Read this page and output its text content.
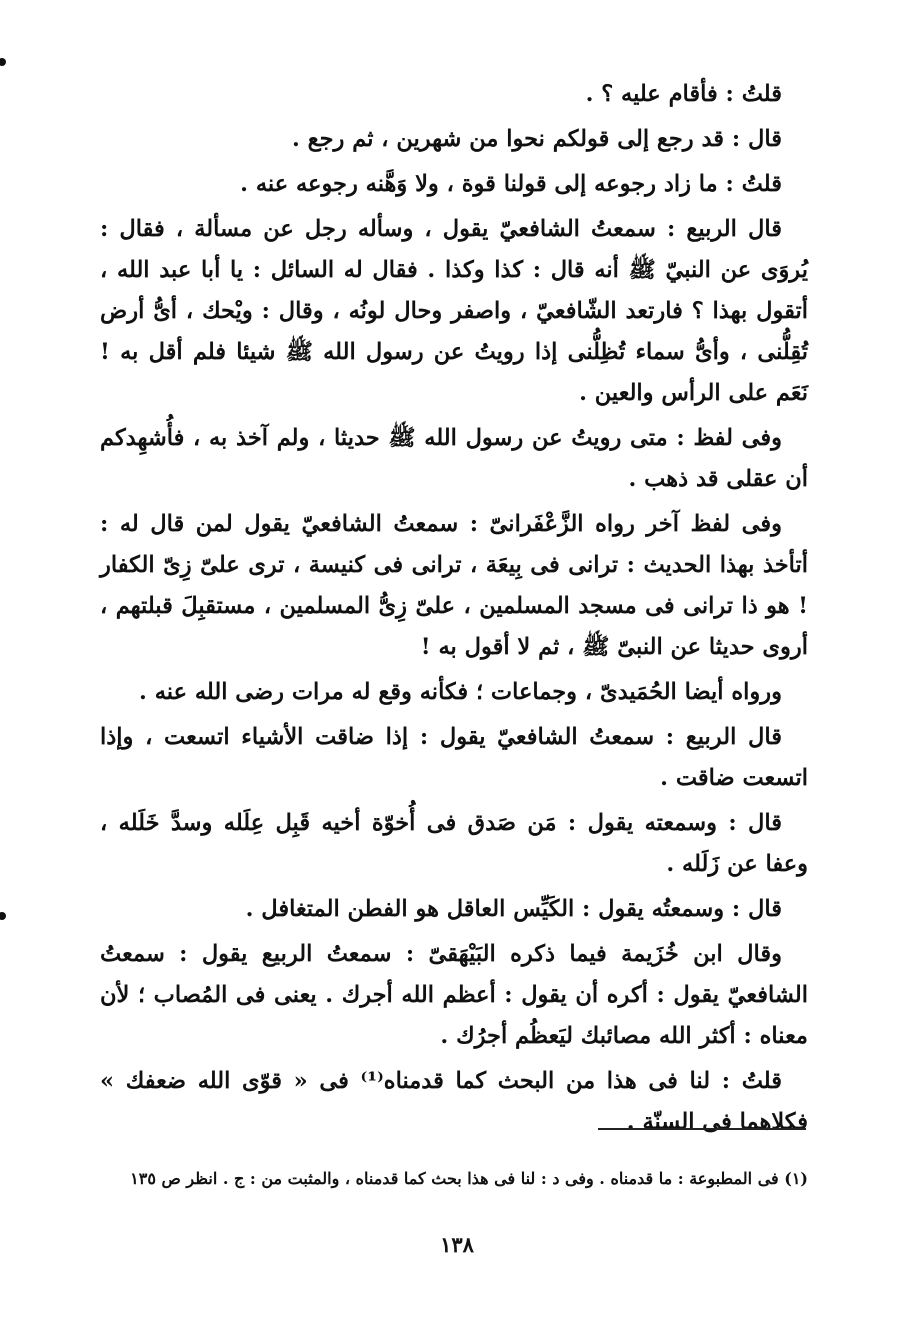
قلتُ : فأقام عليه ؟ .

قال : قد رجع إلى قولكم نحوا من شهرين ، ثم رجع .

قلتُ : ما زاد رجوعه إلى قولنا قوة ، ولا وَهَّنه رجوعه عنه .

قال الربيع : سمعتُ الشافعيّ يقول ، وسأله رجل عن مسألة ، فقال : يُروَى عن النبيّ ﷺ أنه قال : كذا وكذا . فقال له السائل : يا أبا عبد الله ، أتقول بهذا ؟ فارتعد الشّافعيّ ، واصفر وحال لونُه ، وقال : ويْحك ، أىُّ أرض تُقِلُّنى ، وأىُّ سماء تُظِلُّنى إذا رويتُ عن رسول الله ﷺ شيئا فلم أقل به ! نَعَم على الرأس والعين .

وفى لفظ : متى رويتُ عن رسول الله ﷺ حديثا ، ولم آخذ به ، فأُشهِدكم أن عقلى قد ذهب .

وفى لفظ آخر رواه الزَّعْفَرانىّ : سمعتُ الشافعيّ يقول لمن قال له : أتأخذ بهذا الحديث : ترانى فى بِيعَة ، ترانى فى كنيسة ، ترى علىّ زِىّ الكفار ! هو ذا ترانى فى مسجد المسلمين ، علىّ زِىُّ المسلمين ، مستقبِلَ قبلتهم ، أروى حديثا عن النبىّ ﷺ ، ثم لا أقول به !

ورواه أيضا الحُمَيدىّ ، وجماعات ؛ فكأنه وقع له مرات رضى الله عنه .

قال الربيع : سمعتُ الشافعيّ يقول : إذا ضاقت الأشياء اتسعت ، وإذا اتسعت ضاقت .

قال : وسمعته يقول : مَن صَدق فى أُخوّة أخيه قَبِل عِلَله وسدَّ خَلَله ، وعفا عن زَلَله .

قال : وسمعتُه يقول : الكَيِّس العاقل هو الفطن المتغافل .

وقال ابن خُزَيمة فيما ذكره البَيْهَقىّ : سمعتُ الربيع يقول : سمعتُ الشافعيّ يقول : أكره أن يقول : أعظم الله أجرك . يعنى فى المُصاب ؛ لأن معناه : أكثر الله مصائبك ليَعظُم أجرُك .

قلتُ : لنا فى هذا من البحث كما قدمناه⁽¹⁾ فى « قوّى الله ضعفك » فكلاهما فى السنّة .

(١) فى المطبوعة : ما قدمناه . وفى د : لنا فى هذا بحث كما قدمناه ، والمثبت من : ج . انظر ص ١٣٥
١٣٨
